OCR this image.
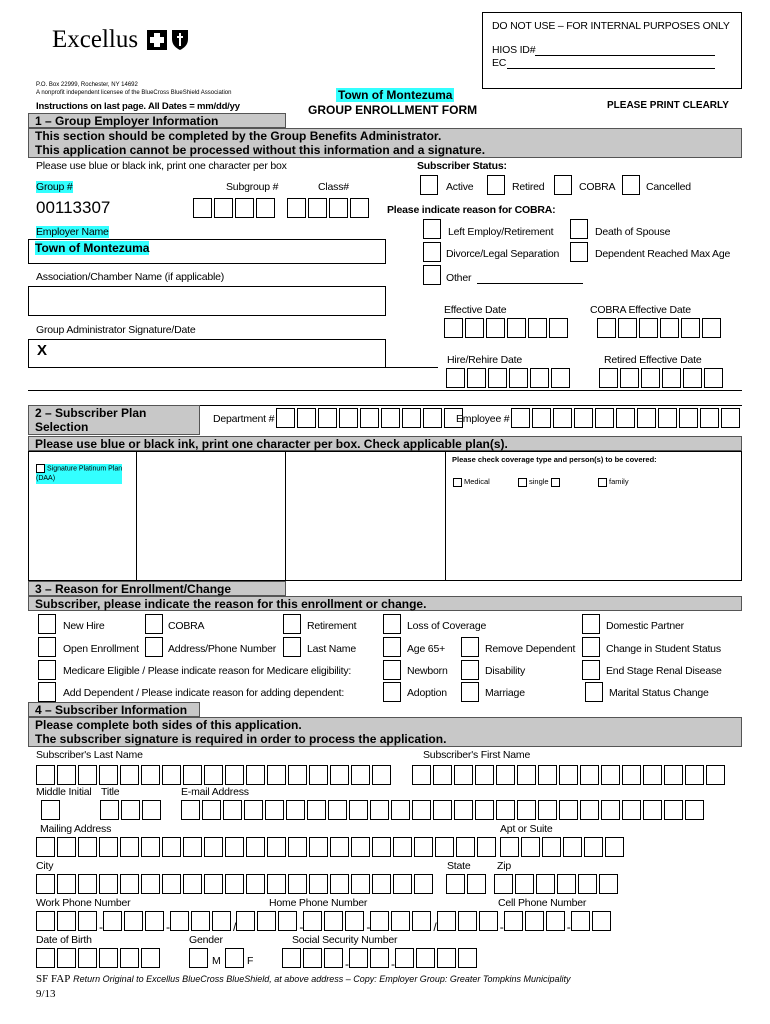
Excellus
P.O. Box 22999, Rochester, NY 14692
A nonprofit independent licensee of the BlueCross BlueShield Association
Instructions on last page. All Dates = mm/dd/yy
Town of Montezuma
GROUP ENROLLMENT FORM	PLEASE PRINT CLEARLY
DO NOT USE – FOR INTERNAL PURPOSES ONLY
HIOS ID#
EC
1 – Group Employer Information
This section should be completed by the Group Benefits Administrator.
This application cannot be processed without this information and a signature.
Please use blue or black ink, print one character per box
Group #
00113307
Subgroup #	Class#
Employer Name
Town of Montezuma
Association/Chamber Name (if applicable)
Group Administrator Signature/Date
X
Subscriber Status:
Active	Retired	COBRA	Cancelled
Please indicate reason for COBRA:
Left Employ/Retirement	Death of Spouse
Divorce/Legal Separation	Dependent Reached Max Age
Other
Effective Date	COBRA Effective Date
Hire/Rehire Date	Retired Effective Date
2 – Subscriber Plan
Selection
Department #	Employee #
Please use blue or black ink, print one character per box. Check applicable plan(s).
Signature Platinum Plan
(DAA)
Please check coverage type and person(s) to be covered:
Medical	single	family
3 – Reason for Enrollment/Change
Subscriber, please indicate the reason for this enrollment or change.
New Hire	COBRA	Retirement	Loss of Coverage	Domestic Partner
Open Enrollment	Address/Phone Number	Last Name	Age 65+	Remove Dependent	Change in Student Status
Medicare Eligible / Please indicate reason for Medicare eligibility:	Newborn	Disability	End Stage Renal Disease
Add Dependent / Please indicate reason for adding dependent:	Adoption	Marriage	Marital Status Change
4 – Subscriber Information
Please complete both sides of this application.
The subscriber signature is required in order to process the application.
Subscriber's Last Name	Subscriber's First Name
Middle Initial Title	E-mail Address
Mailing Address	Apt or Suite
City	State	Zip
Work Phone Number	Home Phone Number	Cell Phone Number
-	-	/	-	-	/	-	-
Date of Birth	Gender
M	F
Social Security Number
-	-
SF FAP Return Original to Excellus BlueCross BlueShield, at above address – Copy: Employer Group: Greater Tompkins Municipality
9/13
